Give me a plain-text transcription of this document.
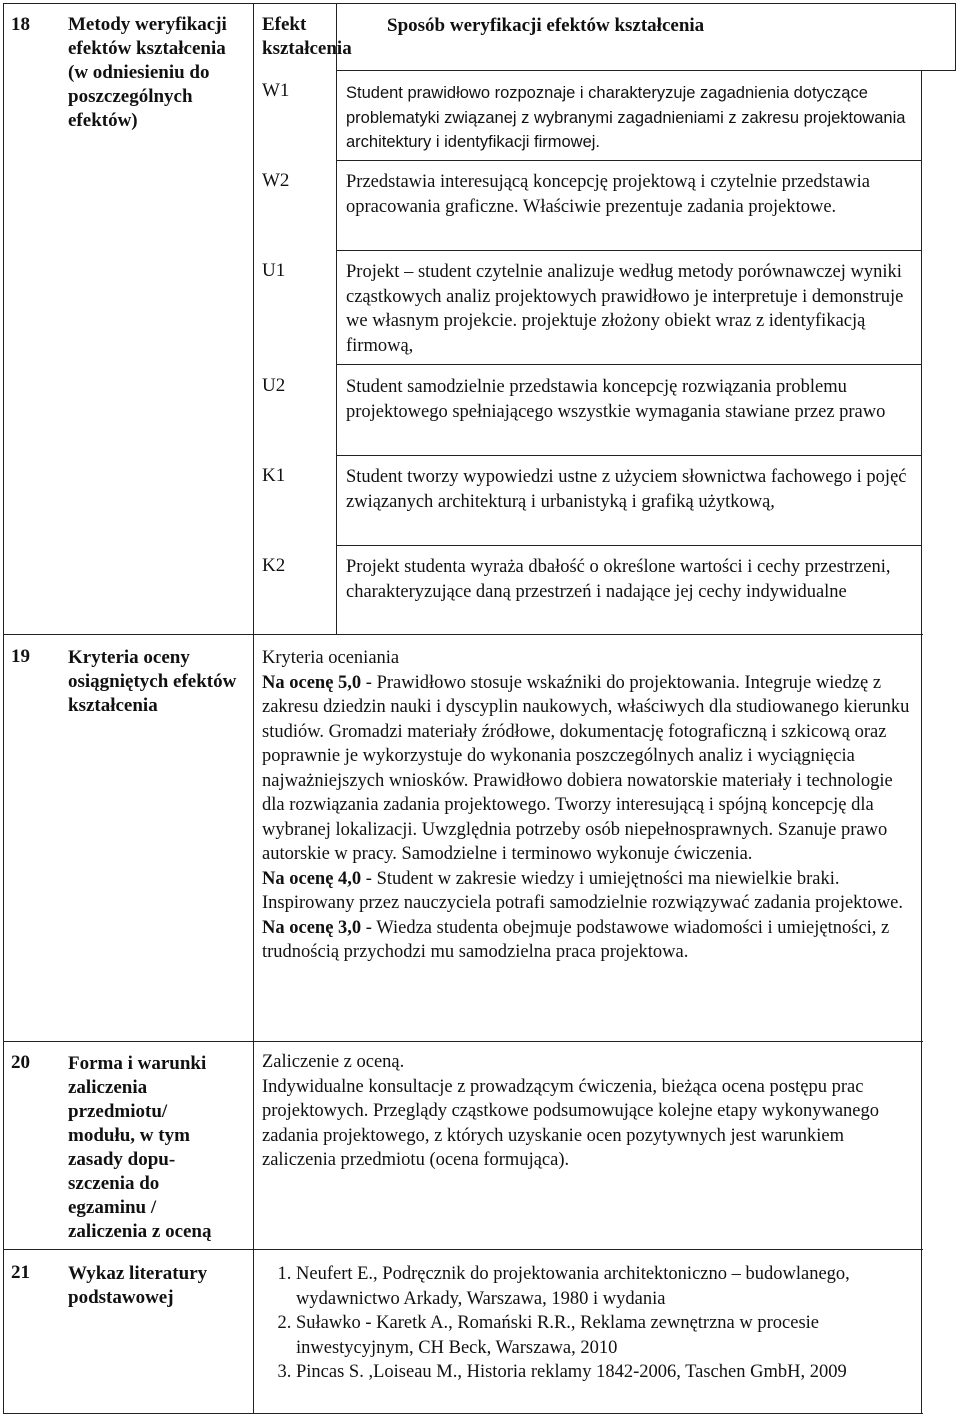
18 Metody weryfikacji efektów kształcenia (w odniesieniu do poszczególnych efektów)
Efekt kształcenia
Sposób weryfikacji efektów kształcenia
W1	Student prawidłowo rozpoznaje i charakteryzuje zagadnienia dotyczące problematyki związanej z wybranymi zagadnieniami z zakresu projektowania architektury i identyfikacji firmowej.
W2	Przedstawia interesującą koncepcję projektową i czytelnie przedstawia opracowania graficzne. Właściwie prezentuje zadania projektowe.
U1	Projekt – student czytelnie analizuje według metody porównawczej wyniki cząstkowych analiz projektowych prawidłowo je interpretuje i demonstruje we własnym projekcie. projektuje złożony obiekt wraz z identyfikacją firmową,
U2	Student samodzielnie przedstawia koncepcję rozwiązania problemu projektowego spełniającego wszystkie wymagania stawiane przez prawo
K1	Student tworzy wypowiedzi ustne z użyciem słownictwa fachowego i pojęć związanych architekturą i urbanistyką i grafiką użytkową,
K2	Projekt studenta wyraża dbałość o określone wartości i cechy przestrzeni, charakteryzujące daną przestrzeń i nadające jej cechy indywidualne
19 Kryteria oceny osiągniętych efektów kształcenia
Kryteria oceniania
Na ocenę 5,0 - Prawidłowo stosuje wskaźniki do projektowania. Integruje wiedzę z zakresu dziedzin nauki i dyscyplin naukowych, właściwych dla studiowanego kierunku studiów. Gromadzi materiały źródłowe, dokumentację fotograficzną i szkicową oraz poprawnie je wykorzystuje do wykonania poszczególnych analiz i wyciągnięcia najważniejszych wniosków. Prawidłowo dobiera nowatorskie materiały i technologie dla rozwiązania zadania projektowego. Tworzy interesującą i spójną koncepcję dla wybranej lokalizacji. Uwzględnia potrzeby osób niepełnosprawnych. Szanuje prawo autorskie w pracy. Samodzielne i terminowo wykonuje ćwiczenia.
Na ocenę 4,0 - Student w zakresie wiedzy i umiejętności ma niewielkie braki. Inspirowany przez nauczyciela potrafi samodzielnie rozwiązywać zadania projektowe.
Na ocenę 3,0 - Wiedza studenta obejmuje podstawowe wiadomości i umiejętności, z trudnością przychodzi mu samodzielna praca projektowa.
20 Forma i warunki zaliczenia przedmiotu/ modułu, w tym zasady dopu-szczenia do egzaminu / zaliczenia z oceną
Zaliczenie z oceną.
Indywidualne konsultacje z prowadzącym ćwiczenia, bieżąca ocena postępu prac projektowych. Przeglądy cząstkowe podsumowujące kolejne etapy wykonywanego zadania projektowego, z których uzyskanie ocen pozytywnych jest warunkiem zaliczenia przedmiotu (ocena formująca).
21 Wykaz literatury podstawowej
1. Neufert E., Podręcznik do projektowania architektoniczno – budowlanego, wydawnictwo Arkady, Warszawa, 1980 i wydania
2. Suławko - Karetk A., Romański R.R., Reklama zewnętrzna w procesie inwestycyjnym, CH Beck, Warszawa, 2010
3. Pincas S. ,Loiseau M., Historia reklamy 1842-2006, Taschen GmbH, 2009
